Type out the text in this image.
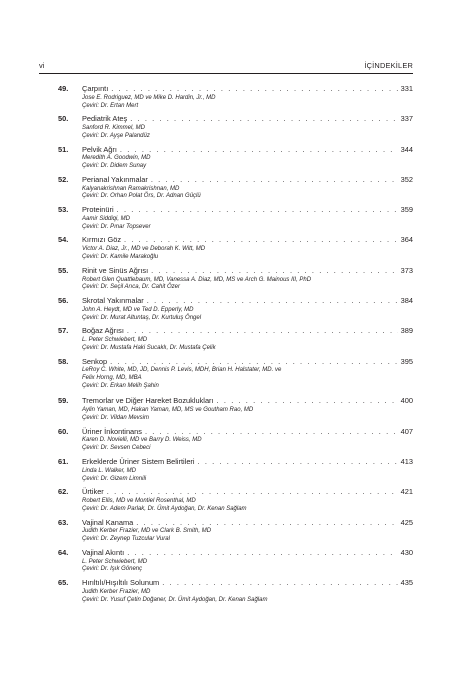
vi	İÇİNDEKİLER
49. Çarpıntı . . .	331
Jose E. Rodriguez, MD ve Mike D. Hardin, Jr., MD
Çeviri: Dr. Ertan Mert
50. Pediatrik Ateş . . .	337
Sanford R. Kimmel, MD
Çeviri: Dr. Ayşe Palandüz
51. Pelvik Ağrı . . .	344
Meredith A. Goodwin, MD
Çeviri: Dr. Didem Sunay
52. Perianal Yakınmalar . . .	352
Kalyanakrishnan Ramakrishnan, MD
Çeviri: Dr. Orhan Polat Örs, Dr. Adnan Güçlü
53. Proteinüri . . .	359
Aamir Siddiqi, MD
Çeviri: Dr. Pınar Topsever
54. Kırmızı Göz . . .	364
Victor A. Diaz, Jr., MD ve Deborah K. Witt, MD
Çeviri: Dr. Kamile Marakoğlu
55. Rinit ve Sinüs Ağrısı . . .	373
Robert Glen Quattlebaum, MD, Vanessa A. Diaz, MD, MS ve Arch G. Mainous III, PhD
Çeviri: Dr. Seçil Arıca, Dr. Cahit Özer
56. Skrotal Yakınmalar . . .	384
John A. Heydt, MD ve Ted D. Epperly, MD
Çeviri: Dr. Murat Altuntaş, Dr. Kurtuluş Öngel
57. Boğaz Ağrısı . . .	389
L. Peter Schwiebert, MD
Çeviri: Dr. Mustafa Haki Sucaklı, Dr. Mustafa Çelik
58. Senkop . . .	395
LeRoy C. White, MD, JD, Dennis P. Levis, MDH, Brian H. Halstater, MD. ve
Felix Horng, MD, MBA
Çeviri: Dr. Erkan Melih Şahin
59. Tremorlar ve Diğer Hareket Bozuklukları . . .	400
Aylin Yaman, MD, Hakan Yaman, MD, MS ve Goutham Rao, MD
Çeviri: Dr. Vildan Mevsim
60. Üriner İnkontinans . . .	407
Karen D. Novielli, MD ve Barry D. Weiss, MD
Çeviri: Dr. Sevsen Cebeci
61. Erkeklerde Üriner Sistem Belirtileri . . .	413
Linda L. Walker, MD
Çeviri: Dr. Gizem Limnili
62. Ürtiker . . .	421
Robert Ellis, MD ve Montiel Rosenthal, MD
Çeviri: Dr. Adem Parlak, Dr. Ümit Aydoğan, Dr. Kenan Sağlam
63. Vajinal Kanama . . .	425
Judith Kerber Frazier, MD ve Clark B. Smith, MD
Çeviri: Dr. Zeynep Tuzcular Vural
64. Vajinal Akıntı . . .	430
L. Peter Schwiebert, MD
Çeviri: Dr. Işık Gönenç
65. Hırıltılı/Hışıltılı Solunum . . .	435
Judith Kerber Frazier, MD
Çeviri: Dr. Yusuf Çetin Doğaner, Dr. Ümit Aydoğan, Dr. Kenan Sağlam
